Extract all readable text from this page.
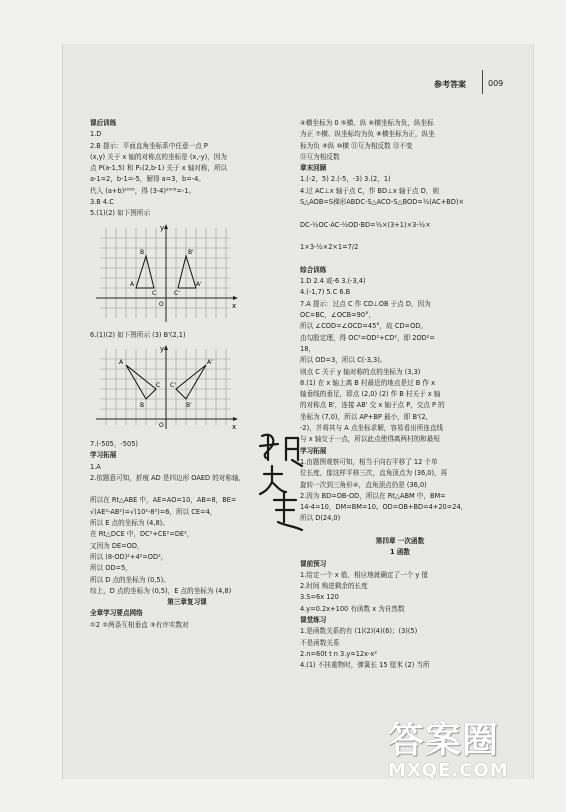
参考答案	009
课后训练
1.D
2.B 提示：平面直角坐标系中任意一点 P
(x,y) 关于 x 轴的对称点的坐标是 (x,-y)，因为
点 P(a-1,5) 和 P₁(2,b-1) 关于 x 轴对称，所以
a-1=2，b-1=-5，解得 a=3，b=-4。
代入 (a+b)²⁰⁰⁵，得 (3-4)²⁰⁰⁵=-1。
3.B 4.C
5.(1)(2) 如下图所示
y
x
O
A
B
C
A'
B'
C'
6.(1)(2) 如下图所示 (3) B'(2,1)
y
x
O
A
B
C
A'
B'
C'
7.(-505，-505)
学习拓展
1.A
2.依题意可知，折痕 AD 是四边形 OAED 的对称轴，

所以在 Rt△ABE 中，AE=AO=10，AB=8，BE=
√(AE²-AB²)=√(10²-8²)=6，所以 CE=4，
所以 E 点的坐标为 (4,8)。
在 Rt△DCE 中，DC²+CE²=DE²，
又因为 DE=OD，
所以 (8-OD)²+4²=OD²，
所以 OD=5，
所以 D 点的坐标为 (0,5)。
综上，D 点的坐标为 (0,5)，E 点的坐标为 (4,8)
第三章复习课
全章学习要点网络
①2 ②两条互相垂直 ③有序实数对
④横坐标为 0 ⑤横、纵 ⑥横坐标为负，纵坐标
为正 ⑦横、纵坐标均为负 ⑧横坐标为正，纵坐
标为负 ⑨纵 ⑩横 ⑪互为相反数 ⑫不变
⑬互为相反数
章末回顾
1.(-2，5) 2.(-5，-3) 3.(2，1)
4.过 AC⊥x 轴于点 C，作 BD⊥x 轴于点 D，则
S△AOB=S梯形ABDC-S△ACO-S△BOD=½(AC+BD)×

DC-½OC·AC-½OD·BD=½×(3+1)×3-½×

1×3-½×2×1=7/2

综合训练
1.D 2.4 或-6 3.(-3,4)
4.(-1,7) 5.C 6.B
7.A 提示：过点 C 作 CD⊥OB 于点 D，因为
OC=BC，∠OCB=90°，
所以 ∠COD=∠OCD=45°，故 CD=OD。
由勾股定理，得 OC²=OD²+CD²，即 2OD²=
18，
所以 OD=3，所以 C(-3,3)。
则点 C 关于 y 轴对称的点的坐标为 (3,3)
8.(1) 在 x 轴上离 B 村最近的地点是过 B 作 x
轴垂线的垂足，即点 (2,0) (2) 作 B 村关于 x 轴
的对称点 B'，连接 AB' 交 x 轴于点 P，交点 P 的
坐标为 (7,0)，所以 AP+BP 最小，即 B'(2,
-2)，并将其与 A 点坐标求解，容易看出所连直线
与 x 轴交于一点，所以此点使得离两村的和最短
学习拓展
1.由题图观察可知，相当于向右平移了 12 个单
位长度，像这样平移三次，直角顶点为 (36,0)，再
旋转一次到三角形④，直角顶点仍是 (36,0)
2.因为 BD=OB-OD，所以在 Rt△ABM 中，BM=
14-4=10，DM=BM=10。OD=OB+BD=4+20=24，
所以 D(24,0)

第四章 一次函数
1 函数
课前预习
1.给定一个 x 值，相应地就确定了一个 y 值
2.时间 购进剩余的长度
3.S=6x 120
4.y=0.2x+100 有函数 x 为自然数
课堂练习
1.是函数关系的有 (1)(2)(4)(6)；(3)(5)
不是函数关系
2.n=60t t n 3.y=12x-x²
4.(1) 不挂重物时，弹簧长 15 厘米 (2) 当所
答案圈
MXQE.COM
